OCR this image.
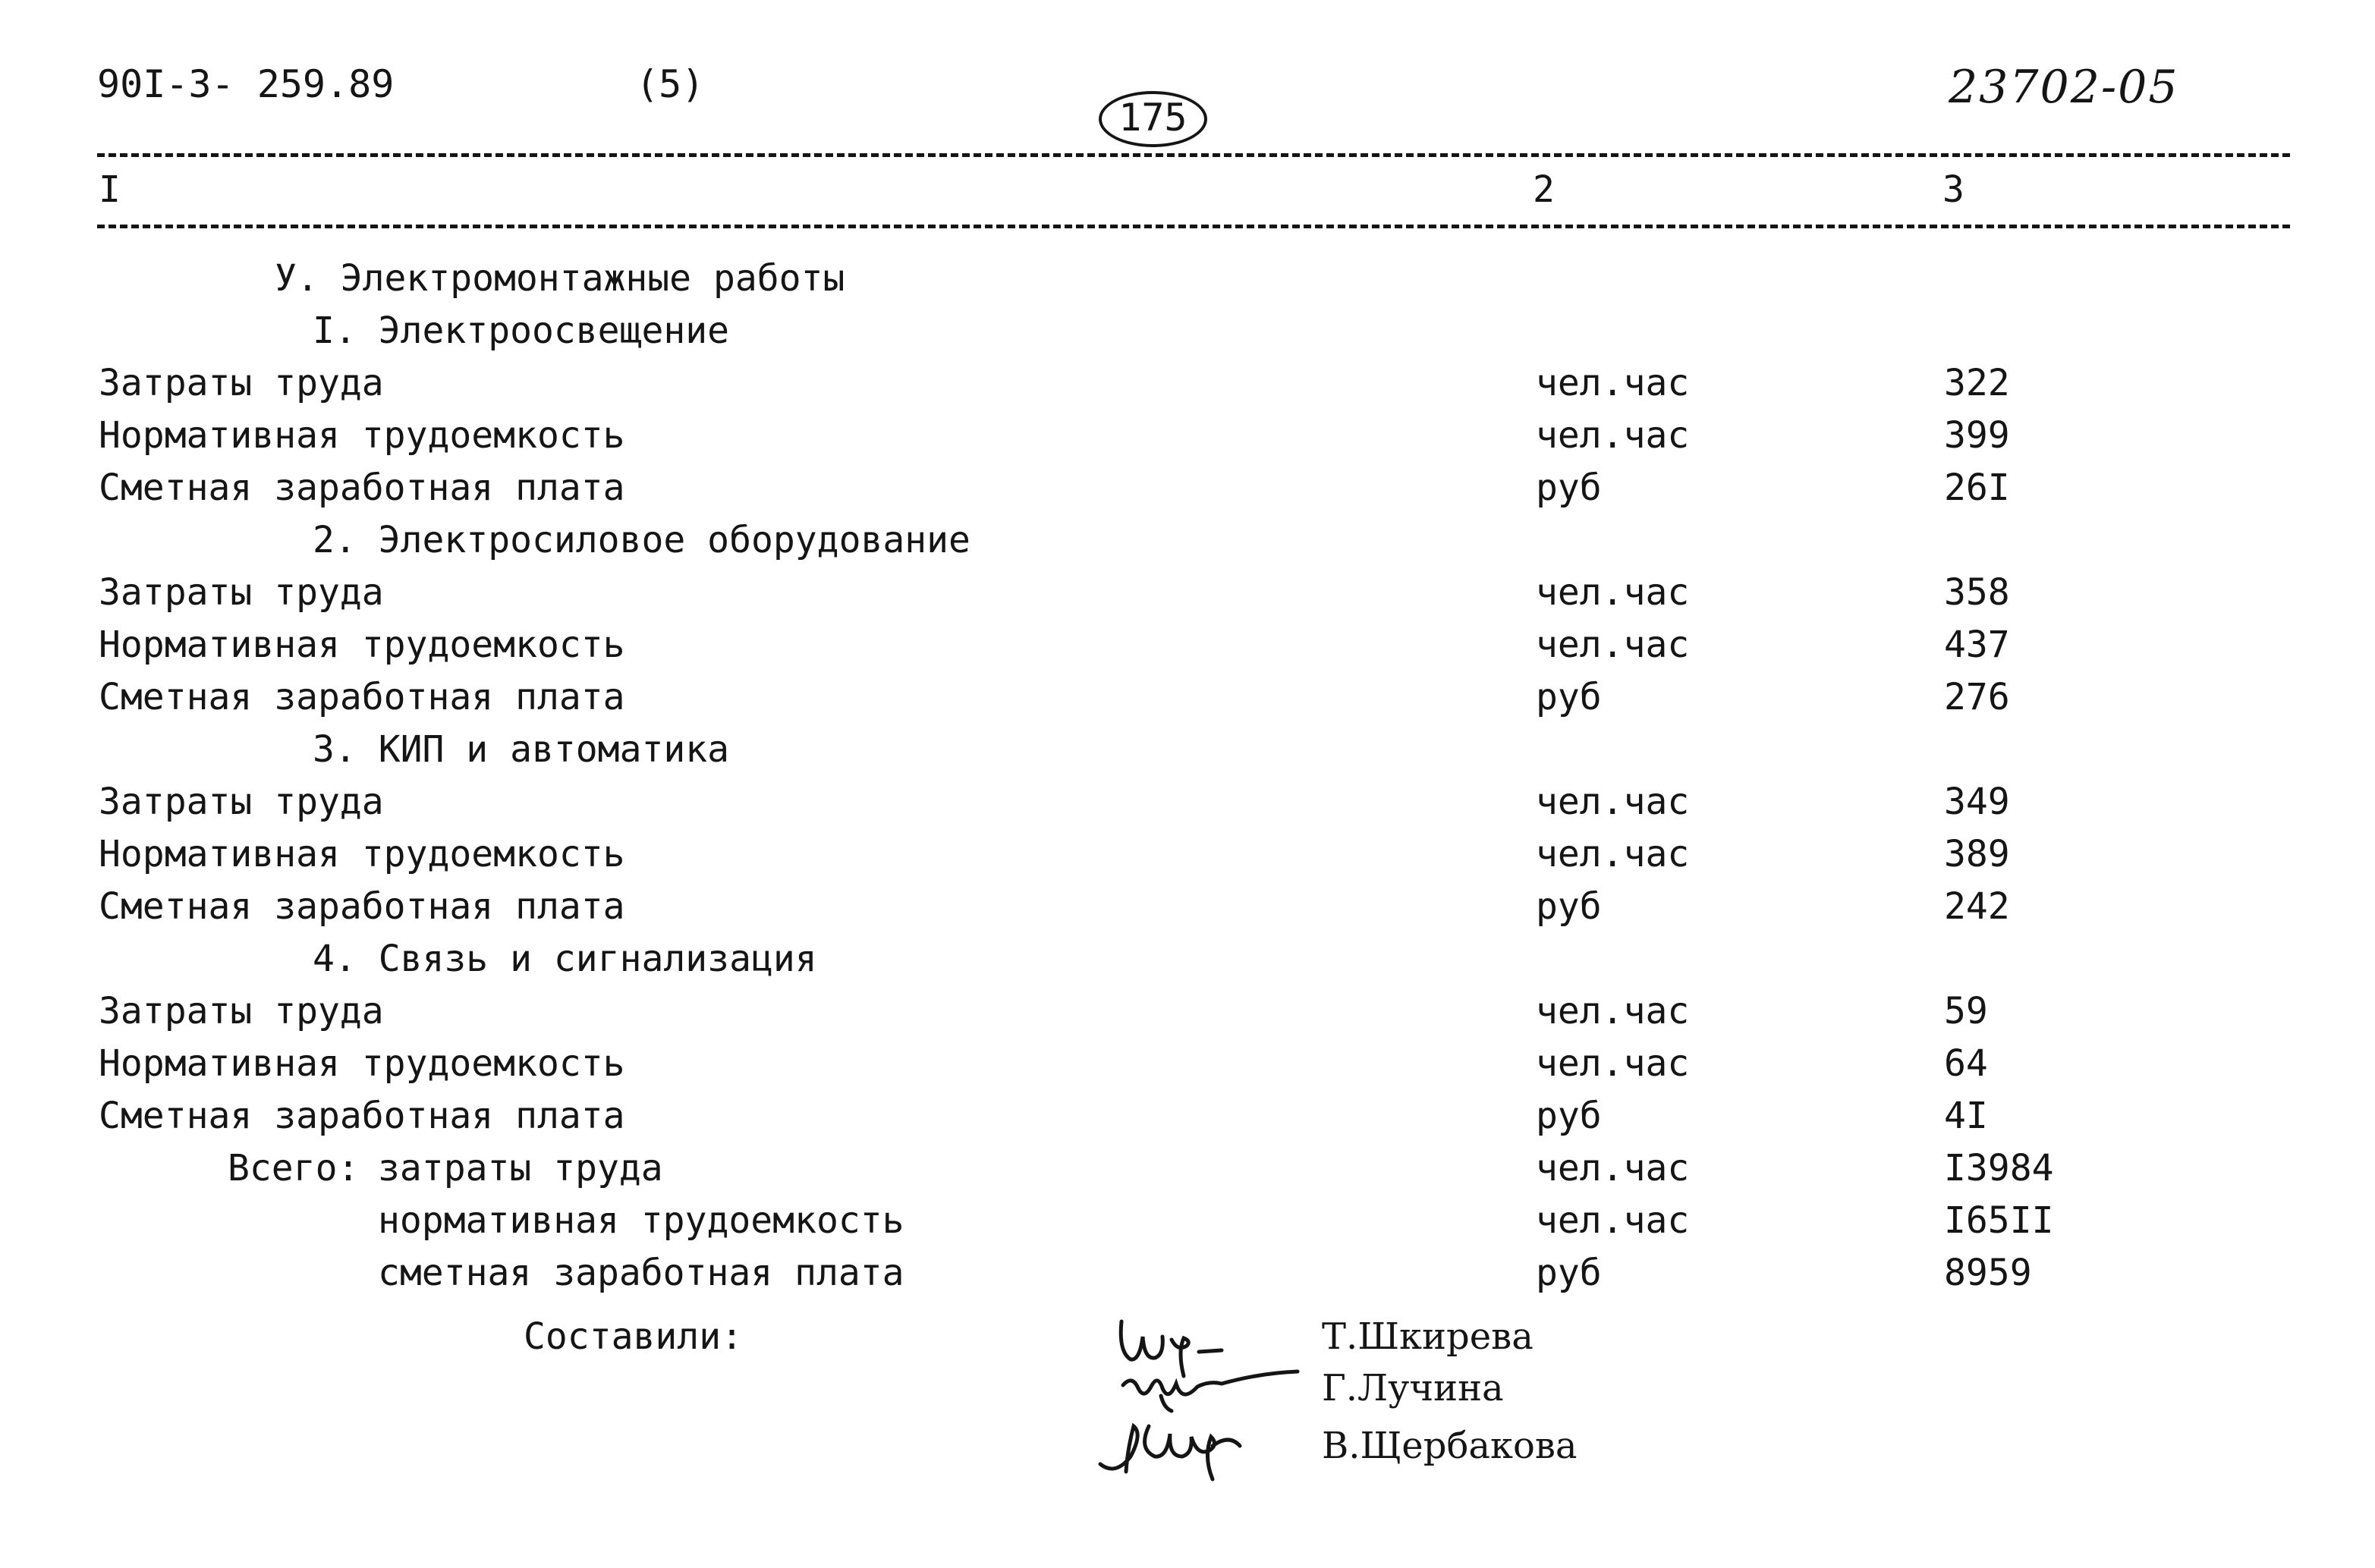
90I-3- 259.89	(5)

175

23702-05
I	2	3
У. Электромонтажные работы
I. Электроосвещение
Затраты труда	чел.час	322
Нормативная трудоемкость	чел.час	399
Сметная заработная плата	руб	26I
2. Электросиловое оборудование
Затраты труда	чел.час	358
Нормативная трудоемкость	чел.час	437
Сметная заработная плата	руб	276
3. КИП и автоматика
Затраты труда	чел.час	349
Нормативная трудоемкость	чел.час	389
Сметная заработная плата	руб	242
4. Связь и сигнализация
Затраты труда	чел.час	59
Нормативная трудоемкость	чел.час	64
Сметная заработная плата	руб	4I
Всего: затраты труда	чел.час	I3984
нормативная трудоемкость	чел.час	I65II
сметная заработная плата	руб	8959
Составили:	Т.Шкирева
Г.Лучина
В.Щербакова
